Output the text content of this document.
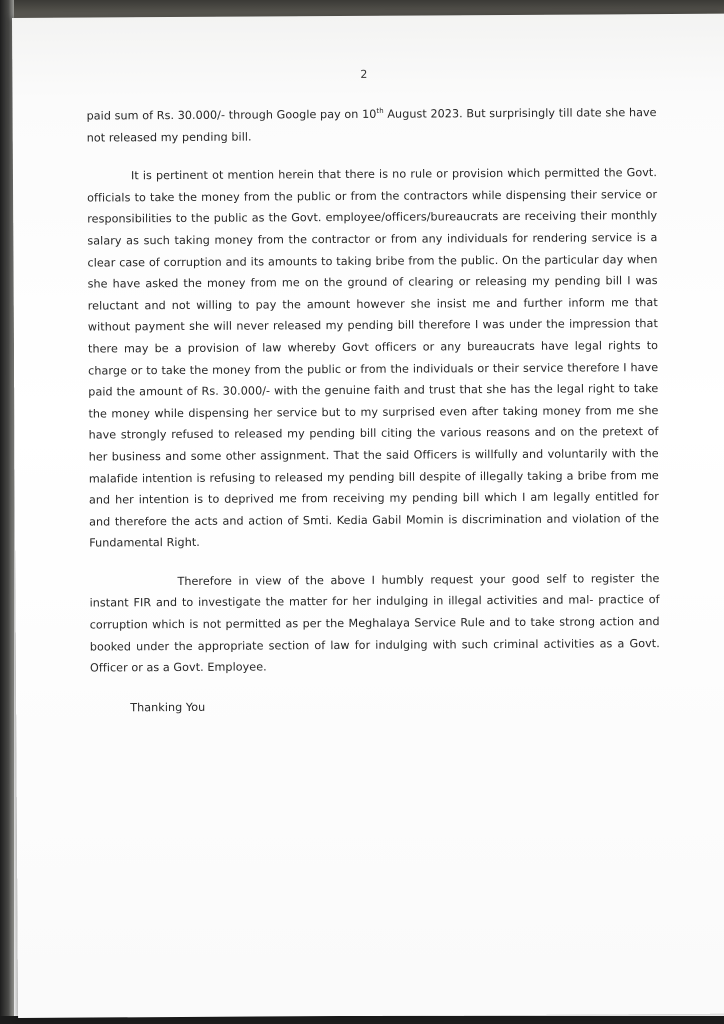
2

paid sum of Rs. 30.000/- through Google pay on 10th August 2023. But surprisingly till date she have not released my pending bill.

It is pertinent ot mention herein that there is no rule or provision which permitted the Govt. officials to take the money from the public or from the contractors while dispensing their service or responsibilities to the public as the Govt. employee/officers/bureaucrats are receiving their monthly salary as such taking money from the contractor or from any individuals for rendering service is a clear case of corruption and its amounts to taking bribe from the public. On the particular day when she have asked the money from me on the ground of clearing or releasing my pending bill I was reluctant and not willing to pay the amount however she insist me and further inform me that without payment she will never released my pending bill therefore I was under the impression that there may be a provision of law whereby Govt officers or any bureaucrats have legal rights to charge or to take the money from the public or from the individuals or their service therefore I have paid the amount of Rs. 30.000/- with the genuine faith and trust that she has the legal right to take the money while dispensing her service but to my surprised even after taking money from me she have strongly refused to released my pending bill citing the various reasons and on the pretext of her business and some other assignment. That the said Officers is willfully and voluntarily with the malafide intention is refusing to released my pending bill despite of illegally taking a bribe from me and her intention is to deprived me from receiving my pending bill which I am legally entitled for and therefore the acts and action of Smti. Kedia Gabil Momin is discrimination and violation of the Fundamental Right.

Therefore in view of the above I humbly request your good self to register the instant FIR and to investigate the matter for her indulging in illegal activities and mal- practice of corruption which is not permitted as per the Meghalaya Service Rule and to take strong action and booked under the appropriate section of law for indulging with such criminal activities as a Govt. Officer or as a Govt. Employee.

Thanking You
